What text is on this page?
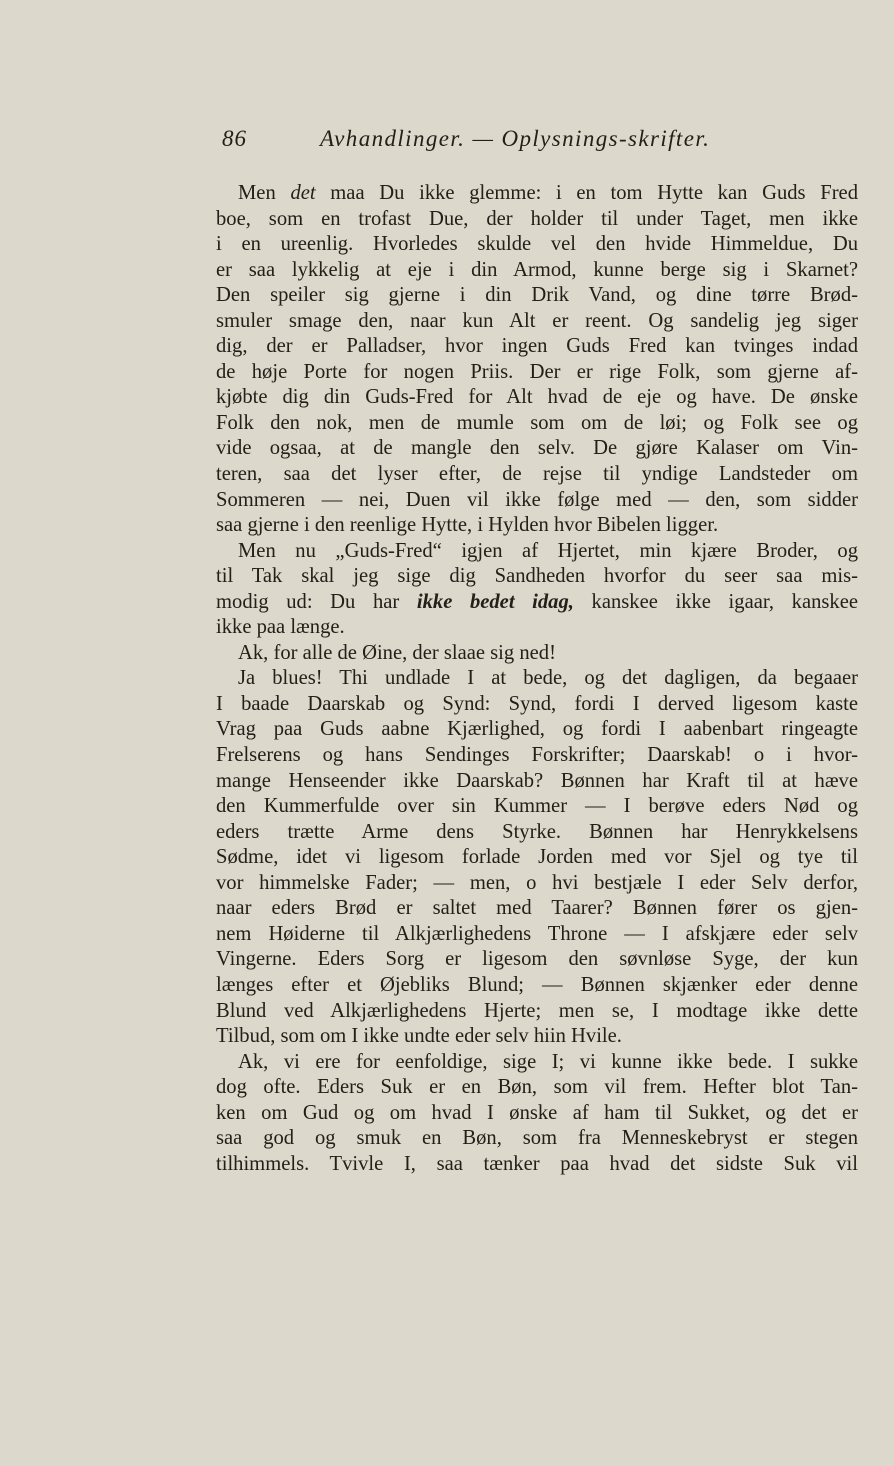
86	Avhandlinger. — Oplysnings-skrifter.
Men det maa Du ikke glemme: i en tom Hytte kan Guds Fred
boe, som en trofast Due, der holder til under Taget, men ikke
i en ureenlig. Hvorledes skulde vel den hvide Himmeldue, Du
er saa lykkelig at eje i din Armod, kunne berge sig i Skarnet?
Den speiler sig gjerne i din Drik Vand, og dine tørre Brød-
smuler smage den, naar kun Alt er reent. Og sandelig jeg siger
dig, der er Palladser, hvor ingen Guds Fred kan tvinges indad
de høje Porte for nogen Priis. Der er rige Folk, som gjerne af-
kjøbte dig din Guds-Fred for Alt hvad de eje og have. De ønske
Folk den nok, men de mumle som om de løi; og Folk see og
vide ogsaa, at de mangle den selv. De gjøre Kalaser om Vin-
teren, saa det lyser efter, de rejse til yndige Landsteder om
Sommeren — nei, Duen vil ikke følge med — den, som sidder
saa gjerne i den reenlige Hytte, i Hylden hvor Bibelen ligger.
Men nu „Guds-Fred“ igjen af Hjertet, min kjære Broder, og
til Tak skal jeg sige dig Sandheden hvorfor du seer saa mis-
modig ud: Du har ikke bedet idag, kanskee ikke igaar, kanskee
ikke paa længe.
Ak, for alle de Øine, der slaae sig ned!
Ja blues! Thi undlade I at bede, og det dagligen, da begaaer
I baade Daarskab og Synd: Synd, fordi I derved ligesom kaste
Vrag paa Guds aabne Kjærlighed, og fordi I aabenbart ringeagte
Frelserens og hans Sendinges Forskrifter; Daarskab! o i hvor-
mange Henseender ikke Daarskab? Bønnen har Kraft til at hæve
den Kummerfulde over sin Kummer — I berøve eders Nød og
eders trætte Arme dens Styrke. Bønnen har Henrykkelsens
Sødme, idet vi ligesom forlade Jorden med vor Sjel og tye til
vor himmelske Fader; — men, o hvi bestjæle I eder Selv derfor,
naar eders Brød er saltet med Taarer? Bønnen fører os gjen-
nem Høiderne til Alkjærlighedens Throne — I afskjære eder selv
Vingerne. Eders Sorg er ligesom den søvnløse Syge, der kun
længes efter et Øjebliks Blund; — Bønnen skjænker eder denne
Blund ved Alkjærlighedens Hjerte; men se, I modtage ikke dette
Tilbud, som om I ikke undte eder selv hiin Hvile.
Ak, vi ere for eenfoldige, sige I; vi kunne ikke bede. I sukke
dog ofte. Eders Suk er en Bøn, som vil frem. Hefter blot Tan-
ken om Gud og om hvad I ønske af ham til Sukket, og det er
saa god og smuk en Bøn, som fra Menneskebryst er stegen
tilhimmels. Tvivle I, saa tænker paa hvad det sidste Suk vil
